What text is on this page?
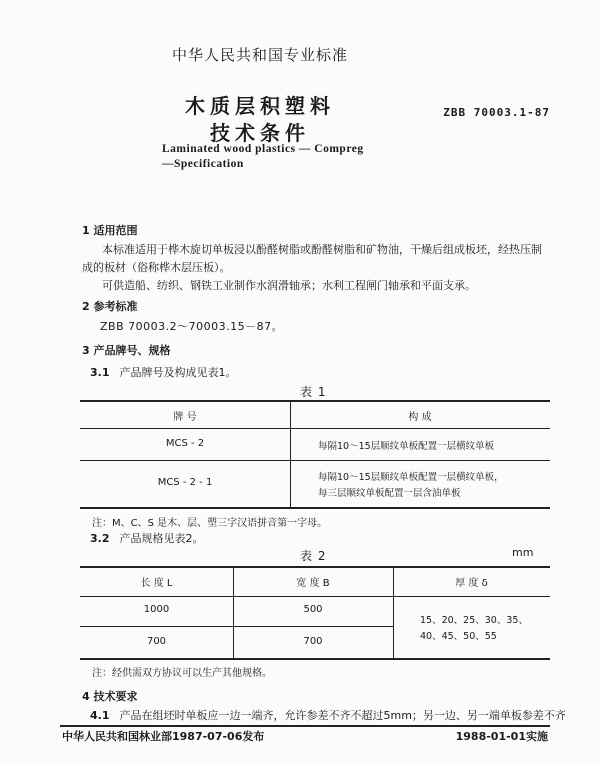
中华人民共和国专业标准

木质层积塑料

技术条件

ZBB 70003.1-87

Laminated wood plastics — Compreg

—Specification

1 适用范围

本标准适用于桦木旋切单板浸以酚醛树脂或酚醛树脂和矿物油，干燥后组成板坯，经热压制成的板材（俗称桦木层压板）。

可供造船、纺织、钢铁工业制作水润滑轴承；水利工程闸门轴承和平面支承。

2 参考标准

ZBB 70003.2～70003.15－87。

3 产品牌号、规格

3.1 产品牌号及构成见表1。

表 1

牌 号	构 成
MCS - 2	每隔10～15层顺纹单板配置一层横纹单板
MCS - 2 - 1	每隔10～15层顺纹单板配置一层横纹单板，
每三层顺纹单板配置一层含油单板

注：M、C、S 是木、层、塑三字汉语拼音第一字母。

3.2 产品规格见表2。

表 2	mm

长 度 L	宽 度 B	厚 度 δ
1000	500
700	700
15、20、25、30、35、
40、45、50、55

注：经供需双方协议可以生产其他规格。

4 技术要求

4.1 产品在组坯时单板应一边一端齐，允许参差不齐不超过5mm；另一边、另一端单板参差不齐

中华人民共和国林业部1987-07-06发布	1988-01-01实施
